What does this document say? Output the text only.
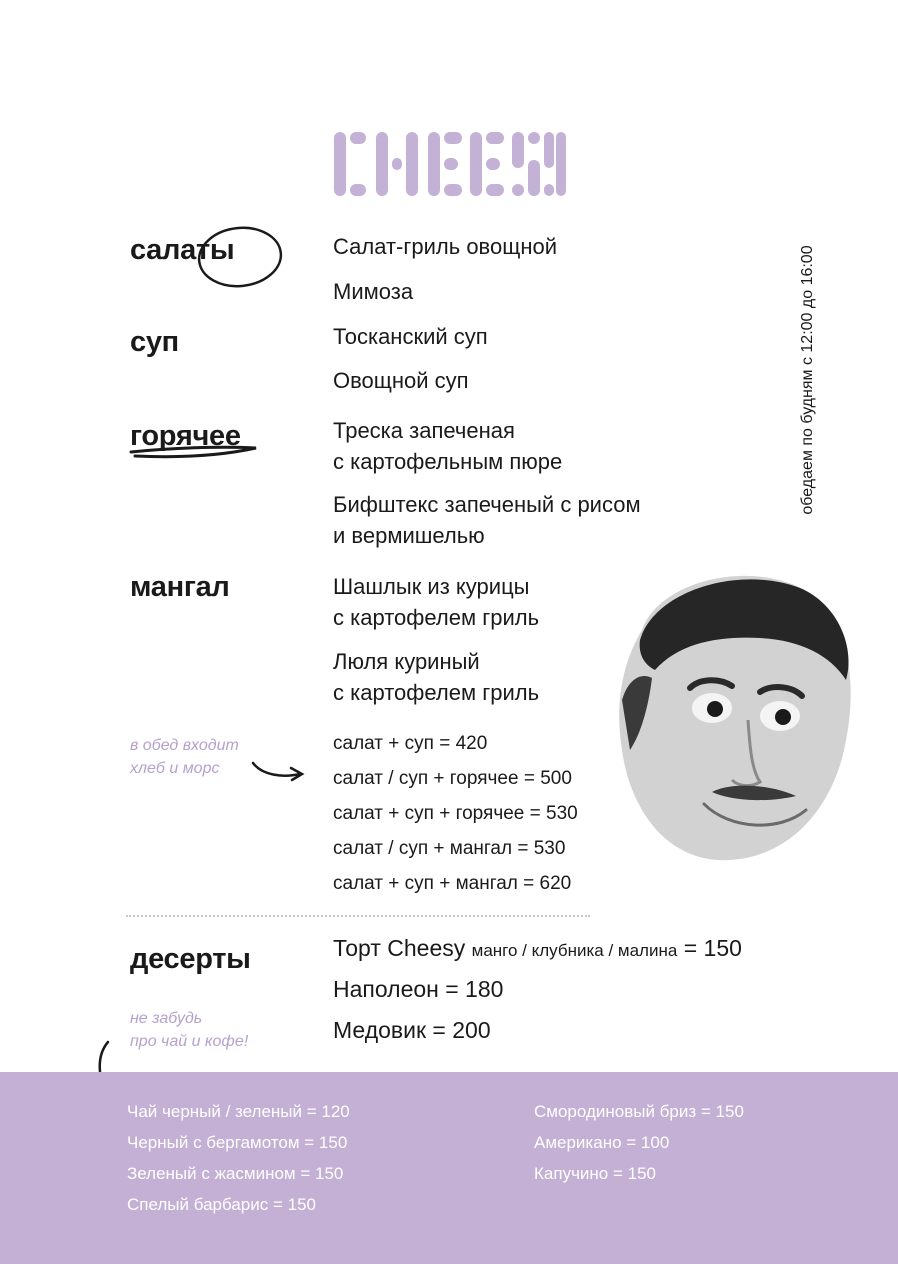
салаты
суп
горячее
мангал
Салат-гриль овощной
Мимоза
Тосканский суп
Овощной суп
Треска запеченая
с картофельным пюре
Бифштекс запеченый с рисом
и вермишелью
Шашлык из курицы
с картофелем гриль
Люля куриный
с картофелем гриль
обедаем по будням с 12:00 до 16:00
в обед входит
хлеб и морс
салат + суп = 420
салат / суп + горячее = 500
салат + суп + горячее = 530
салат / суп + мангал = 530
салат + суп + мангал = 620
десерты	Торт Cheesy манго / клубника / малина = 150
Наполеон = 180
Медовик = 200
не забудь
про чай и кофе!
Чай черный / зеленый = 120
Черный с бергамотом = 150
Зеленый с жасмином = 150
Спелый барбарис = 150
Смородиновый бриз = 150
Американо = 100
Капучино = 150
